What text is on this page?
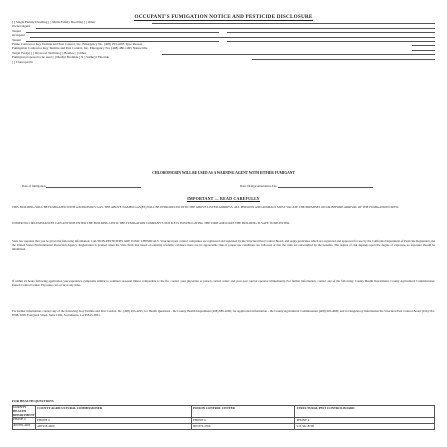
OCCUPANT'S FUMIGATION NOTICE AND PESTICIDE DISCLOSURE
[ ] Single Family Dwelling [ ] Multi-Family Dwelling [ ] Other
Owner/Agent
Tenant
Occupant
Tenant
Prime Contractor Key Termite and Pest Control, Inc. Emergency No. (408) 293-4295 Type Reason
Fumigation Contractor Key Termite and Pest Control, Inc. Emergency No. (408) 480-1495 Nature Idle
Target Pest(s) [ ] Drywood Termites [ ] Beetles [ ] Other
Fumigant proposed to be used [ ] Methyl Bromide [ X ] Sulfuryl Fluoride
[ ] Chloropicrin
CHLOROPICRIN WILL BE USED AS A WARNING AGENT WITH EITHER FUMIGANT
Date of fumigation	Date Change/Alternative date
IMPORTANT — READ CAREFULLY
THIS BUILDING WILL BE FUMIGATED WITH A POISONOUS GAS. THE ABOVE NAMED GAS(ES) WILL BE INTRODUCED INTO THE ABOVE LISTED ADDRESS. ALL PERSONS AND ANIMALS MUST VACATE THE PREMISES ON OR BEFORE ARRIVAL OF THE FUMIGATION CREW.
UNDER NO CIRCUMSTANCES CAN ANYONE ENTER THE BUILDING UNTIL THE FUMIGATION COMPANY'S NOTICE IS POSTED GIVING THE TIME AND DATE THE BUILDING IS SAFE TO RE-ENTER.
State law requires that you be given the following information: CAUTION-PESTICIDES ARE TOXIC CHEMICALS. Structural pest control companies are registered and regulated by the Structural Pest Control Board, and apply pesticides which are registered and approved for use by the California Department of Pesticide Regulation and the United States Environmental Protection Agency. Registration is granted when the State finds that based on existing scientific evidence there are no appreciable risks if proper use conditions are followed or that the risks are outweighed by the benefits. The degree of risk depends upon the degree of exposure, so exposure should be minimized.
If within 24 hours following application you experience symptoms similar to common seasonal illness comparable to the flu, contact your physician or poison control center and your pest control operator immediately. For further information, contact any of the following: County Health Department, County Agricultural Commissioner, Poison Control Center. Exposure can occur at any time.
For further information, contact any of the following: Key Termite and Pest Control, Inc. (408) 293-4295; for Health Questions - the County Health Department (408) 885-4200; for Application Information - the County Agricultural Commissioner (408) 918-4600; and for Regulatory Information the Structural Pest Control Board (916) 561-8708, 2005 Evergreen Street, Suite 1500, Sacramento, CA 95815-3831.
FOR HEALTH QUESTIONS
COUNTY HEALTH DEPARTMENT	COUNTY AGRICULTURAL COMMISSIONER	POISON CONTROL CENTER	STRUCTURAL PEST CONTROL BOARD
PHONE #	PHONE #	PHONE #	PHONE #
408 885-4200	408 918-4600	800 876-4766	916 561-8708
